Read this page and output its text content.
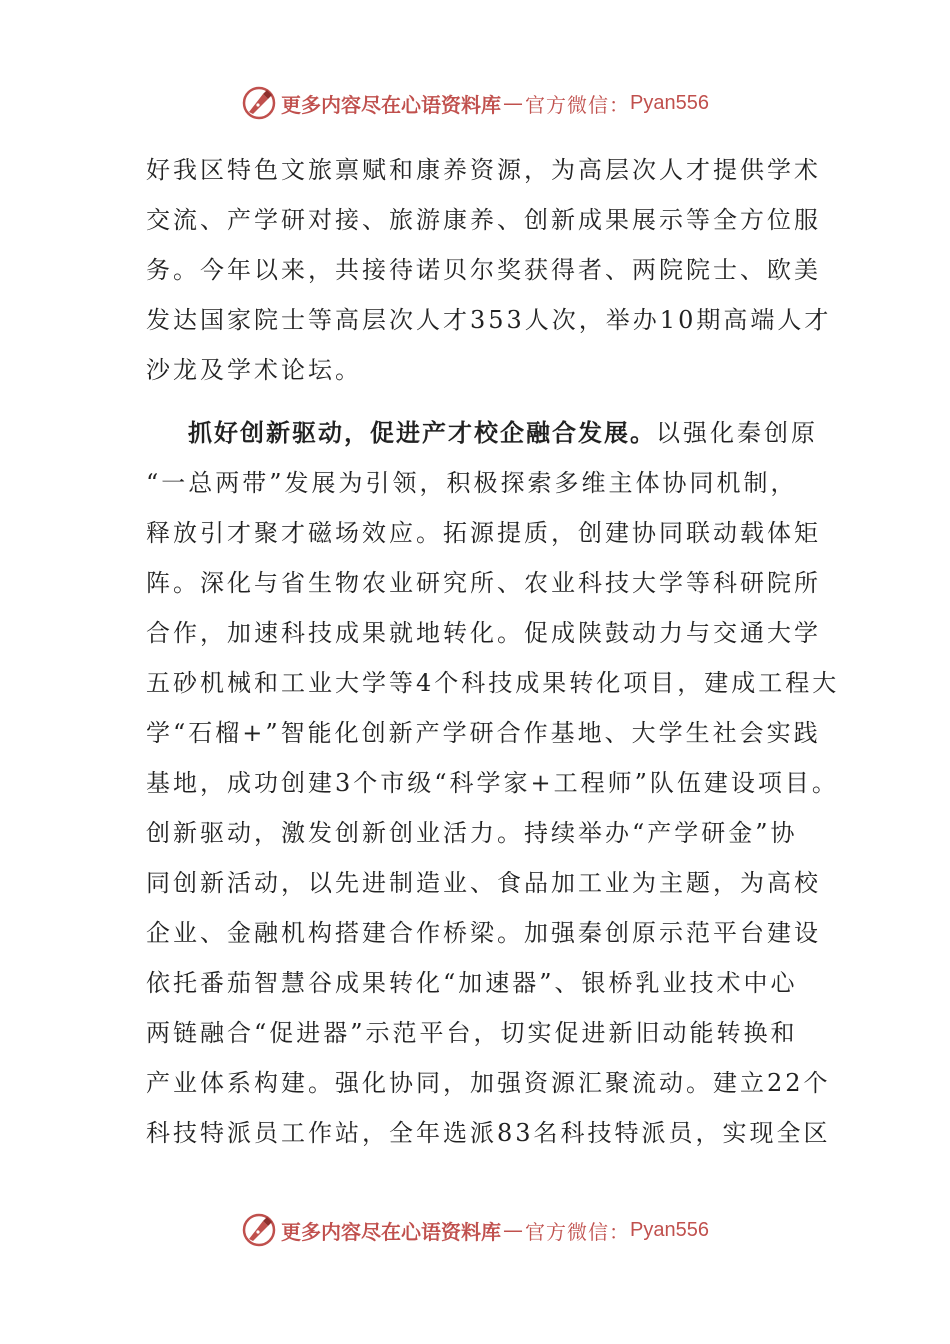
更多内容尽在心语资料库 — 官方微信： Pyan556
好我区特色文旅禀赋和康养资源，为高层次人才提供学术
交流、产学研对接、旅游康养、创新成果展示等全方位服
务。今年以来，共接待诺贝尔奖获得者、两院院士、欧美
发达国家院士等高层次人才353人次，举办10期高端人才
沙龙及学术论坛。
抓好创新驱动，促进产才校企融合发展。以强化秦创原
“一总两带”发展为引领，积极探索多维主体协同机制，
释放引才聚才磁场效应。拓源提质，创建协同联动载体矩
阵。深化与省生物农业研究所、农业科技大学等科研院所
合作，加速科技成果就地转化。促成陕鼓动力与交通大学
五砂机械和工业大学等4个科技成果转化项目，建成工程大
学“石榴+”智能化创新产学研合作基地、大学生社会实践
基地，成功创建3个市级“科学家+工程师”队伍建设项目。
创新驱动，激发创新创业活力。持续举办“产学研金”协
同创新活动，以先进制造业、食品加工业为主题，为高校
企业、金融机构搭建合作桥梁。加强秦创原示范平台建设
依托番茄智慧谷成果转化“加速器”、银桥乳业技术中心
两链融合“促进器”示范平台，切实促进新旧动能转换和
产业体系构建。强化协同，加强资源汇聚流动。建立22个
科技特派员工作站，全年选派83名科技特派员，实现全区
更多内容尽在心语资料库 — 官方微信： Pyan556
